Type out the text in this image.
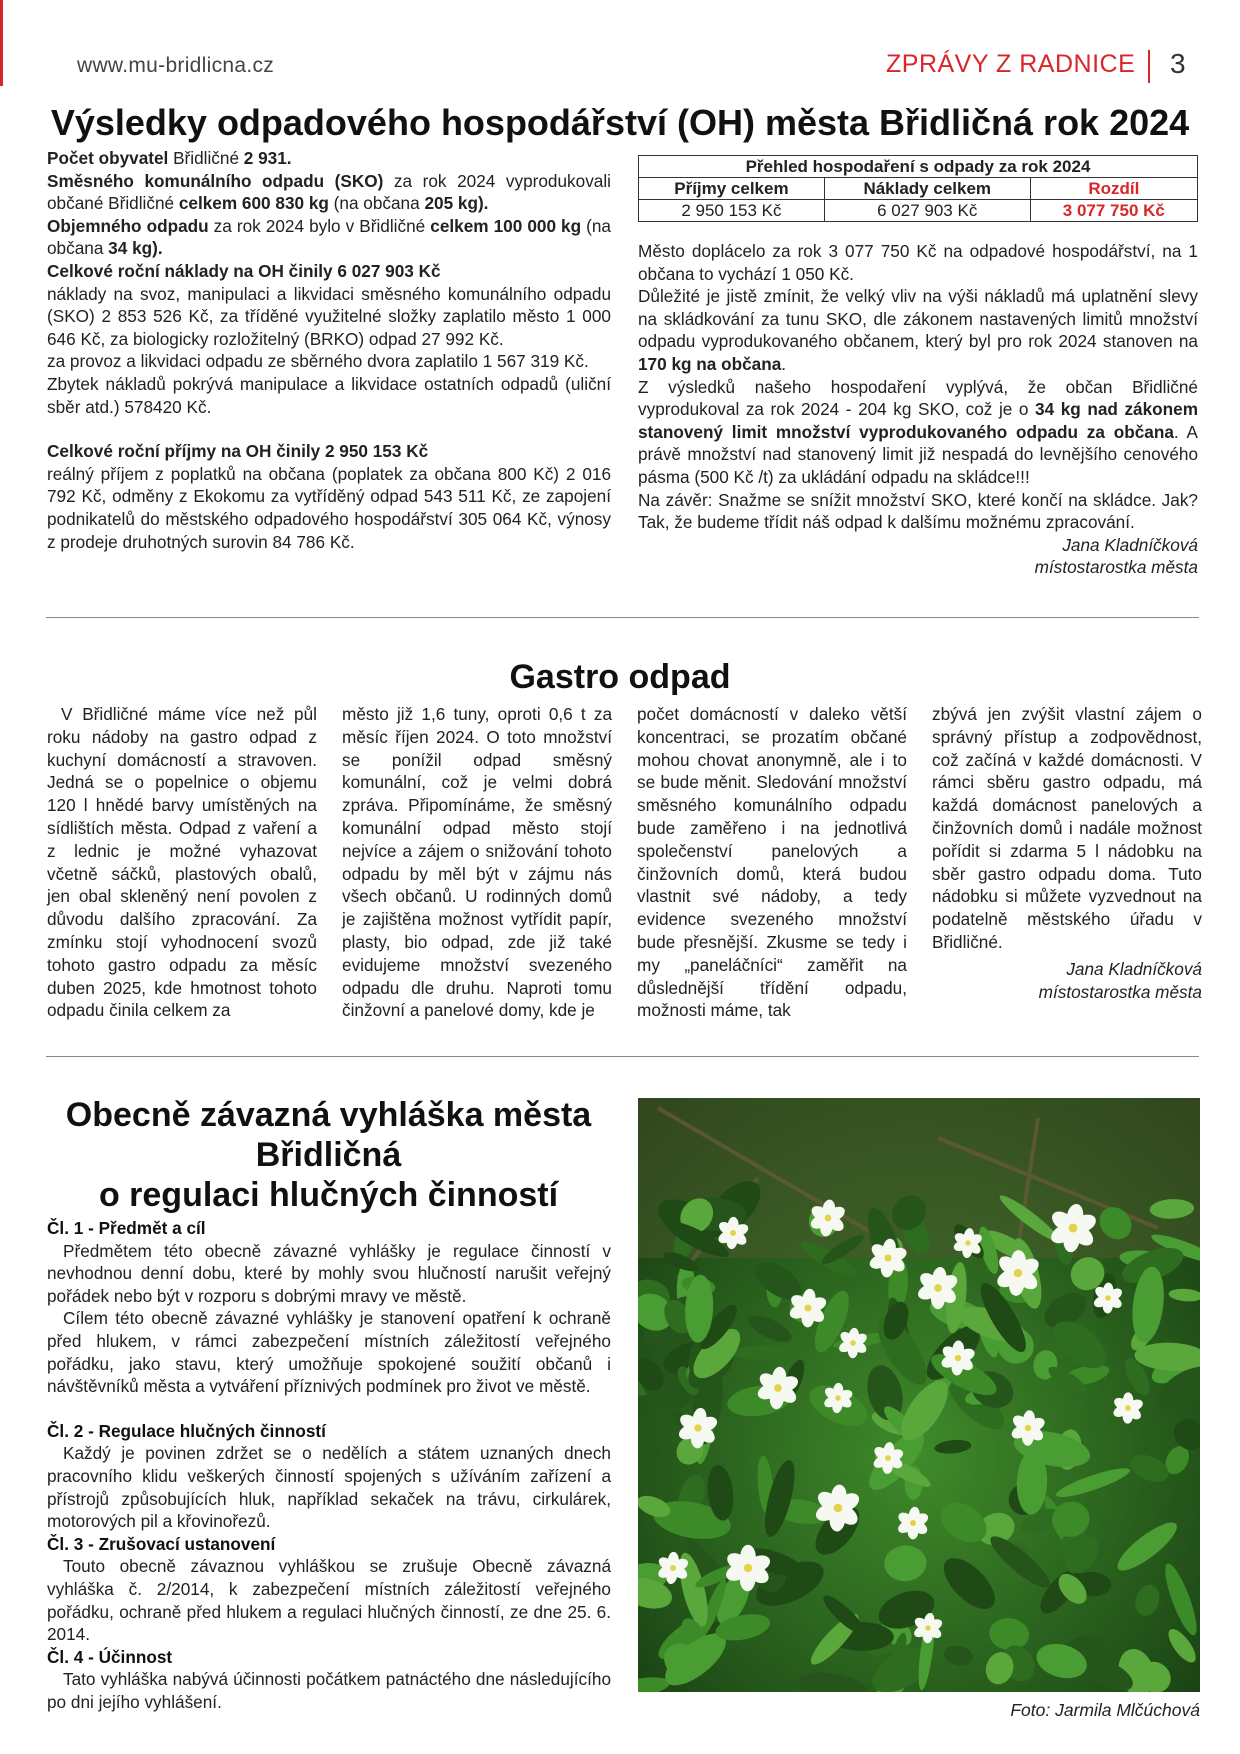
www.mu-bridlicna.cz	ZPRÁVY Z RADNICE 3
Výsledky odpadového hospodářství (OH) města Břidličná rok 2024

Počet obyvatel Břidličné 2 931.

Směsného komunálního odpadu (SKO) za rok 2024 vyprodukovali občané Břidličné celkem 600 830 kg (na občana 205 kg).

Objemného odpadu za rok 2024 bylo v Břidličné celkem 100 000 kg (na občana 34 kg).

Celkové roční náklady na OH činily 6 027 903 Kč

náklady na svoz, manipulaci a likvidaci směsného komunálního odpadu (SKO) 2 853 526 Kč, za tříděné využitelné složky zaplatilo město 1 000 646 Kč, za biologicky rozložitelný (BRKO) odpad 27 992 Kč.

za provoz a likvidaci odpadu ze sběrného dvora zaplatilo 1 567 319 Kč.

Zbytek nákladů pokrývá manipulace a likvidace ostatních odpadů (uliční sběr atd.) 578420 Kč.

Celkové roční příjmy na OH činily 2 950 153 Kč

reálný příjem z poplatků na občana (poplatek za občana 800 Kč) 2 016 792 Kč, odměny z Ekokomu za vytříděný odpad 543 511 Kč, ze zapojení podnikatelů do městského odpadového hospodářství 305 064 Kč, výnosy z prodeje druhotných surovin 84 786 Kč.

Přehled hospodaření s odpady za rok 2024		
Příjmy celkem	Náklady celkem	Rozdíl
2 950 153 Kč	6 027 903 Kč	3 077 750 Kč

Město doplácelo za rok 3 077 750 Kč na odpadové hospodářství, na 1 občana to vychází 1 050 Kč.

Důležité je jistě zmínit, že velký vliv na výši nákladů má uplatnění slevy na skládkování za tunu SKO, dle zákonem nastavených limitů množství odpadu vyprodukovaného občanem, který byl pro rok 2024 stanoven na 170 kg na občana.

Z výsledků našeho hospodaření vyplývá, že občan Břidličné vyprodukoval za rok 2024 - 204 kg SKO, což je o 34 kg nad zákonem stanovený limit množství vyprodukovaného odpadu za občana. A právě množství nad stanovený limit již nespadá do levnějšího cenového pásma (500 Kč /t) za ukládání odpadu na skládce!!!

Na závěr: Snažme se snížit množství SKO, které končí na skládce. Jak? Tak, že budeme třídit náš odpad k dalšímu možnému zpracování.

Jana Kladníčková

místostarostka města

Gastro odpad

V Břidličné máme více než půl roku nádoby na gastro odpad z kuchyní domácností a stravoven. Jedná se o popelnice o objemu 120 l hnědé barvy umístěných na sídlištích města. Odpad z vaření a z lednic je možné vyhazovat včetně sáčků, plastových obalů, jen obal skleněný není povolen z důvodu dalšího zpracování. Za zmínku stojí vyhodnocení svozů tohoto gastro odpadu za měsíc duben 2025, kde hmotnost tohoto odpadu činila celkem za

město již 1,6 tuny, oproti 0,6 t za měsíc říjen 2024. O toto množství se ponížil odpad směsný komunální, což je velmi dobrá zpráva. Připomínáme, že směsný komunální odpad město stojí nejvíce a zájem o snižování tohoto odpadu by měl být v zájmu nás všech občanů. U rodinných domů je zajištěna možnost vytřídit papír, plasty, bio odpad, zde již také evidujeme množství svezeného odpadu dle druhu. Naproti tomu činžovní a panelové domy, kde je

počet domácností v daleko větší koncentraci, se prozatím občané mohou chovat anonymně, ale i to se bude měnit. Sledování množství směsného komunálního odpadu bude zaměřeno i na jednotlivá společenství panelových a činžovních domů, která budou vlastnit své nádoby, a tedy evidence svezeného množství bude přesnější. Zkusme se tedy i my „paneláčníci“ zaměřit na důslednější třídění odpadu, možnosti máme, tak

zbývá jen zvýšit vlastní zájem o správný přístup a zodpovědnost, což začíná v každé domácnosti. V rámci sběru gastro odpadu, má každá domácnost panelových a činžovních domů i nadále možnost pořídit si zdarma 5 l nádobku na sběr gastro odpadu doma. Tuto nádobku si můžete vyzvednout na podatelně městského úřadu v Břidličné.

Jana Kladníčková

místostarostka města

Obecně závazná vyhláška města
Břidličná
o regulaci hlučných činností

Čl. 1 - Předmět a cíl

Předmětem této obecně závazné vyhlášky je regulace činností v nevhodnou denní dobu, které by mohly svou hlučností narušit veřejný pořádek nebo být v rozporu s dobrými mravy ve městě.

Cílem této obecně závazné vyhlášky je stanovení opatření k ochraně před hlukem, v rámci zabezpečení místních záležitostí veřejného pořádku, jako stavu, který umožňuje spokojené soužití občanů i návštěvníků města a vytváření příznivých podmínek pro život ve městě.

Čl. 2 - Regulace hlučných činností

Každý je povinen zdržet se o nedělích a státem uznaných dnech pracovního klidu veškerých činností spojených s užíváním zařízení a přístrojů způsobujících hluk, například sekaček na trávu, cirkulárek, motorových pil a křovinořezů.

Čl. 3 - Zrušovací ustanovení

Touto obecně závaznou vyhláškou se zrušuje Obecně závazná vyhláška č. 2/2014, k zabezpečení místních záležitostí veřejného pořádku, ochraně před hlukem a regulaci hlučných činností, ze dne 25. 6. 2014.

Čl. 4 - Účinnost

Tato vyhláška nabývá účinnosti počátkem patnáctého dne následujícího po dni jejího vyhlášení.	Foto: Jarmila Mlčúchová
